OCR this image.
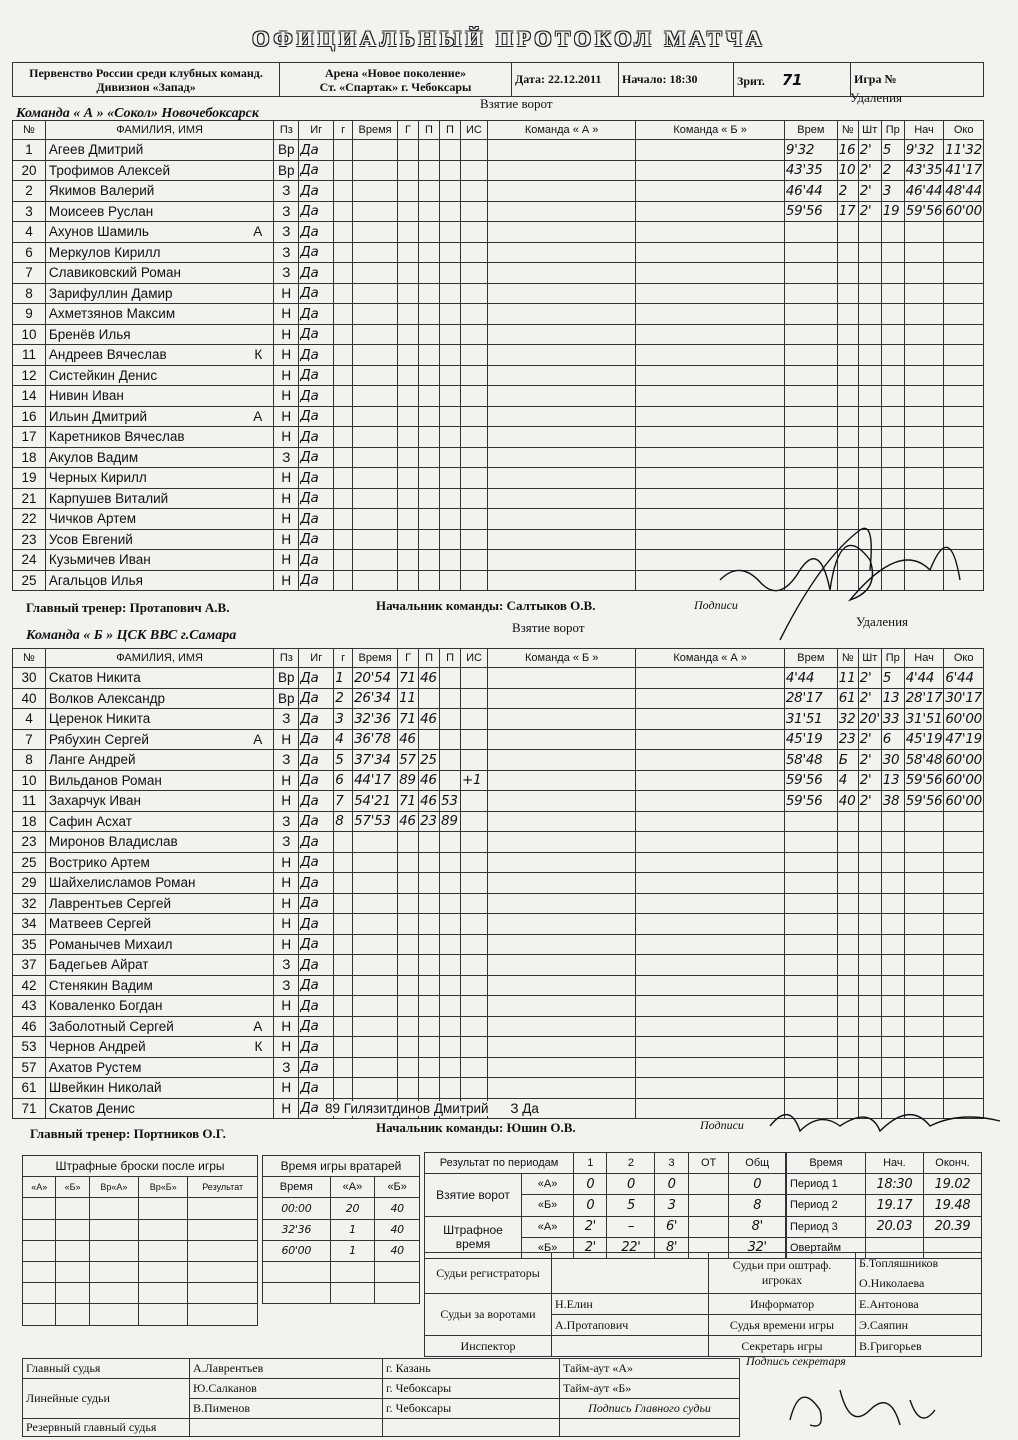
ОФИЦИАЛЬНЫЙ ПРОТОКОЛ МАТЧА
Первенство России среди клубных команд.
Дивизион «Запад»

Арена «Новое поколение»
Ст. «Спартак» г. Чебоксары
	Дата: 22.12.2011	Начало: 18:30	Зрит. 71	Игра №
Команда « А » «Сокол» Новочебоксарск
Взятие ворот	Удаления
№	ФАМИЛИЯ, ИМЯ	Пз	Иг	г	Время	Г	П	П	ИС	Команда « А »	Команда « Б »	Врем	№	Шт	Пр	Нач	Око
1	Агеев Дмитрий	Вр	Да									9'32	16	2'	5	9'32	11'32
20	Трофимов Алексей	Вр	Да									43'35	10	2'	2	43'35	41'17
2	Якимов Валерий	З	Да									46'44	2	2'	3	46'44	48'44
3	Моисеев Руслан	З	Да									59'56	17	2'	19	59'56	60'00
4	Ахунов Шамиль А	З	Да														
6	Меркулов Кирилл	З	Да														
7	Славиковский Роман	З	Да														
8	Зарифуллин Дамир	Н	Да														
9	Ахметзянов Максим	Н	Да														
10	Бренёв Илья	Н	Да														
11	Андреев Вячеслав К	Н	Да														
12	Систейкин Денис	Н	Да														
14	Нивин Иван	Н	Да														
16	Ильин Дмитрий А	Н	Да														
17	Каретников Вячеслав	Н	Да														
18	Акулов Вадим	З	Да														
19	Черных Кирилл	Н	Да														
21	Карпушев Виталий	Н	Да														
22	Чичков Артем	Н	Да														
23	Усов Евгений	Н	Да														
24	Кузьмичев Иван	Н	Да														
25	Агальцов Илья	Н	Да														
Главный тренер: Протапович А.В.	Начальник команды: Салтыков О.В.	Подписи
Команда « Б » ЦСК ВВС г.Самара
Взятие ворот	Удаления
№	ФАМИЛИЯ, ИМЯ	Пз	Иг	г	Время	Г	П	П	ИС	Команда « Б »	Команда « А »	Врем	№	Шт	Пр	Нач	Око
30	Скатов Никита	Вр	Да	1	20'54	71	46					4'44	11	2'	5	4'44	6'44
40	Волков Александр	Вр	Да	2	26'34	11						28'17	61	2'	13	28'17	30'17
4	Церенок Никита	З	Да	3	32'36	71	46					31'51	32	20'	33	31'51	60'00
7	Рябухин Сергей А	Н	Да	4	36'78	46						45'19	23	2'	6	45'19	47'19
8	Ланге Андрей	З	Да	5	37'34	57	25					58'48	Б	2'	30	58'48	60'00
10	Вильданов Роман	Н	Да	6	44'17	89	46		+1			59'56	4	2'	13	59'56	60'00
11	Захарчук Иван	Н	Да	7	54'21	71	46	53				59'56	40	2'	38	59'56	60'00
18	Сафин Асхат	З	Да	8	57'53	46	23	89									
23	Миронов Владислав	З	Да														
25	Вострико Артем	Н	Да														
29	Шайхелисламов Роман	Н	Да														
32	Лаврентьев Сергей	Н	Да														
34	Матвеев Сергей	Н	Да														
35	Романычев Михаил	Н	Да														
37	Бадегьев Айрат	З	Да														
42	Стенякин Вадим	З	Да														
43	Коваленко Богдан	Н	Да														
46	Заболотный Сергей А	Н	Да														
53	Чернов Андрей К	Н	Да														
57	Ахатов Рустем	З	Да														
61	Швейкин Николай	Н	Да														
71	Скатов Денис	Н	Да														89 Гилязитдинов Дмитрий З Да
Главный тренер: Портников О.Г.	Начальник команды: Юшин О.В.	Подписи
Штрафные броски после игры				
«А»	«Б»	Вр«А»	Вр«Б»	Результат

Время игры вратарей		
Время	«А»	«Б»
00:00	20	40
32'36	1	40
60'00	1	40

Результат по периодам		1	2	3	ОТ	Общ
Взятие ворот	«А»	0	0	0		0
	«Б»	0	5	3		8
Штрафное время	«А»	2'	–	6'		8'
	«Б»	2'	22'	8'		32'
Время	Нач.	Оконч.
Период 1	18:30	19.02
Период 2	19.17	19.48
Период 3	20.03	20.39
Овертайм		
Судьи регистраторы		Судьи при оштраф. игроках	Б.Топляшников
О.Николаева

Судьи за воротами	Н.Елин	Информатор	Е.Антонова
	А.Протапович	Судья времени игры	Э.Саяпин
Инспектор		Секретарь игры	В.Григорьев
Главный судья	А.Лаврентьев	г. Казань	Тайм-аут «А»
Линейные судьи	Ю.Салканов	г. Чебоксары	Тайм-аут «Б»
	В.Пименов	г. Чебоксары	Подпись Главного судьи
Резервный главный судья			
Подпись секретаря
